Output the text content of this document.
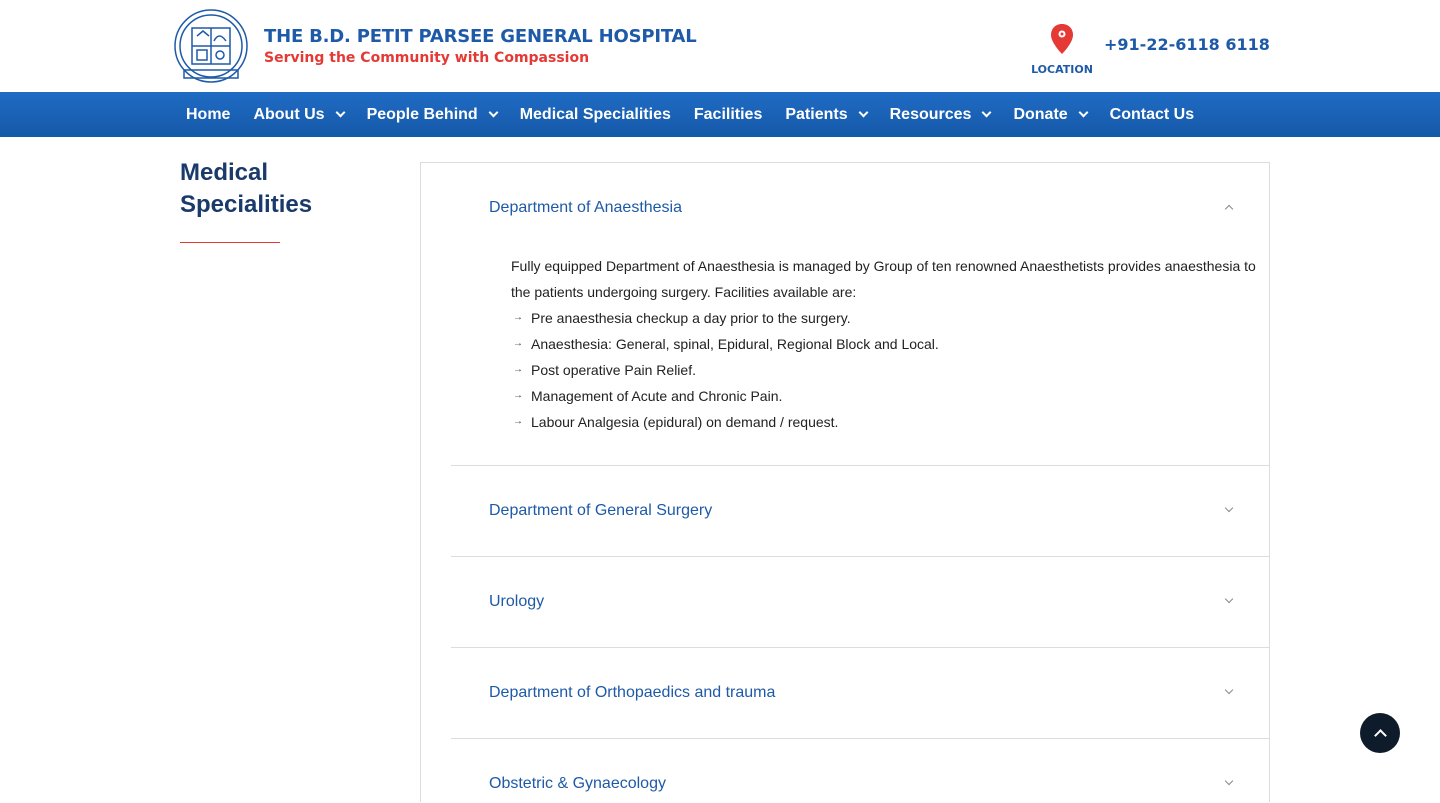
THE B.D. PETIT PARSEE GENERAL HOSPITAL
Serving the Community with Compassion
LOCATION
+91-22-6118 6118
Home About Us	People Behind	Medical Specialities Facilities Patients	Resources	Donate	Contact Us
Medical
Specialities	Department of Anaesthesia

Fully equipped Department of Anaesthesia is managed by Group of ten renowned Anaesthetists provides anaesthesia to the patients undergoing surgery. Facilities available are:

→ Pre anaesthesia checkup a day prior to the surgery.
→ Anaesthesia: General, spinal, Epidural, Regional Block and Local.
→ Post operative Pain Relief.
→ Management of Acute and Chronic Pain.
→ Labour Analgesia (epidural) on demand / request.
Department of General Surgery
Urology
Department of Orthopaedics and trauma
Obstetric & Gynaecology
